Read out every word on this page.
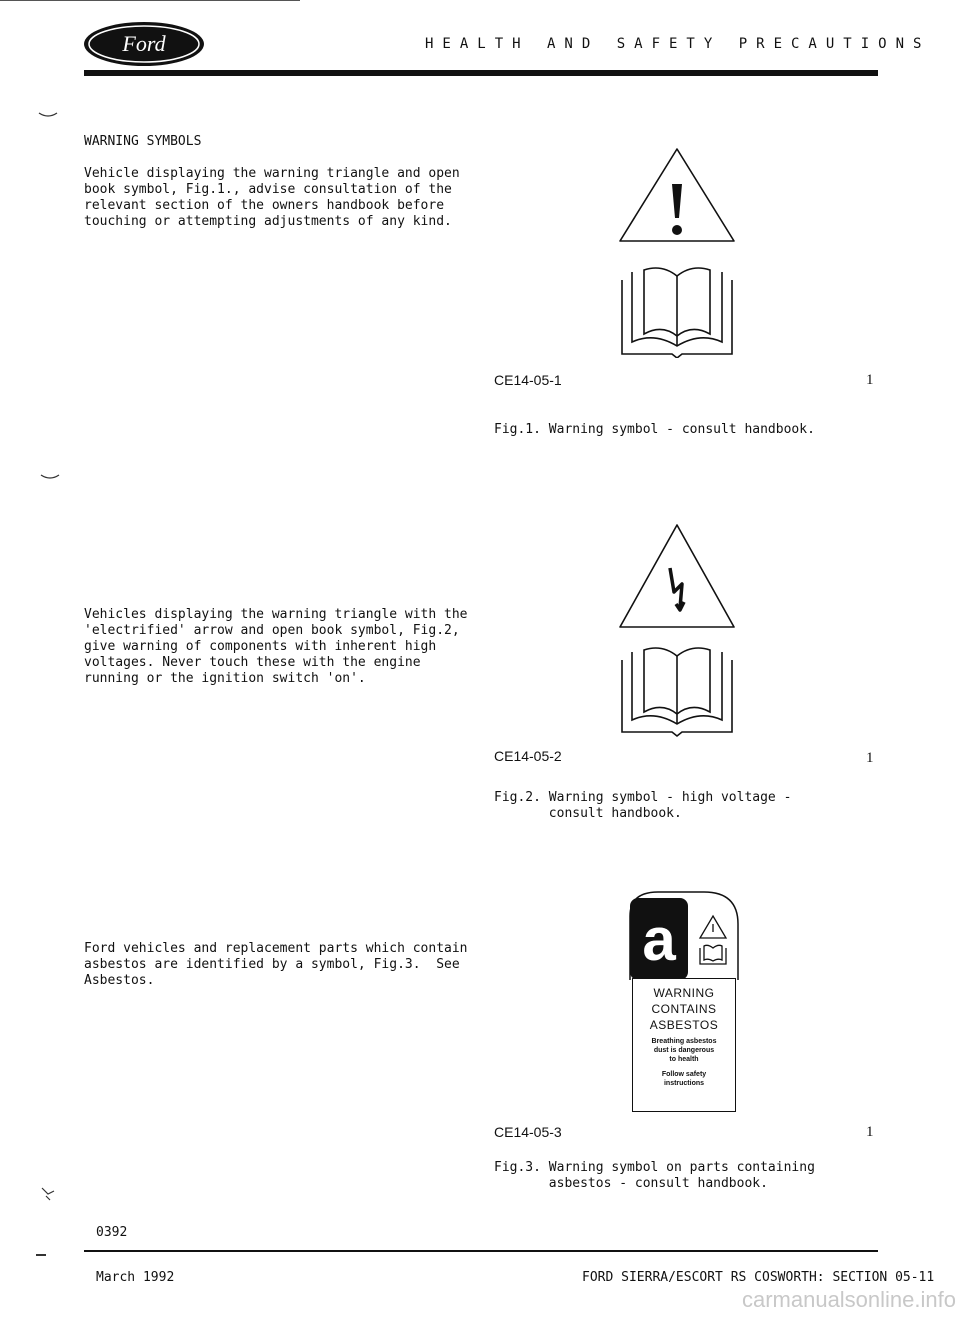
Ford	HEALTH AND SAFETY PRECAUTIONS
WARNING SYMBOLS
Vehicle displaying the warning triangle and open
book symbol, Fig.1., advise consultation of the
relevant section of the owners handbook before
touching or attempting adjustments of any kind.
Vehicles displaying the warning triangle with the
'electrified' arrow and open book symbol, Fig.2,
give warning of components with inherent high
voltages. Never touch these with the engine
running or the ignition switch 'on'.
Ford vehicles and replacement parts which contain
asbestos are identified by a symbol, Fig.3.  See
Asbestos.
CE14-05-1	1
Fig.1. Warning symbol - consult handbook.
CE14-05-2	1
Fig.2. Warning symbol - high voltage -
consult handbook.
a
WARNING
CONTAINS
ASBESTOS
Breathing asbestos
dust is dangerous
to health
Follow safety
instructions
CE14-05-3	1
Fig.3. Warning symbol on parts containing
asbestos - consult handbook.
0392
March 1992	FORD SIERRA/ESCORT RS COSWORTH: SECTION 05-11
carmanualsonline.info
